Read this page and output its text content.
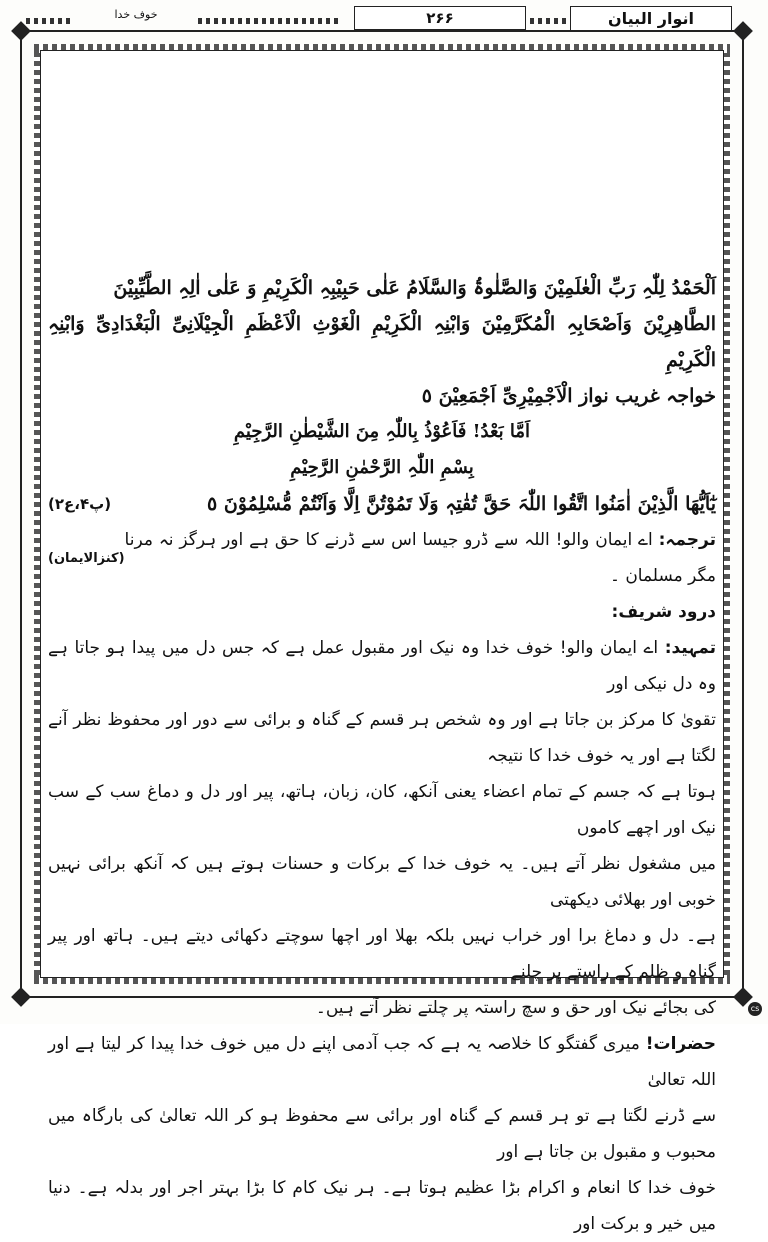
خوف خدا	۲۶۶	انوار البیان

اَلْحَمْدُ لِلّٰہِ رَبِّ الْعٰلَمِیْنَ وَالصَّلٰوۃُ وَالسَّلَامُ عَلٰی حَبِیْبِہِ الْکَرِیْمِ وَ عَلٰی اٰلِہِ الطَّیِّبِیْنَ

الطَّاھِرِیْنَ وَاَصْحَابِہِ الْمُکَرَّمِیْنَ وَابْنِہِ الْکَرِیْمِ الْغَوْثِ الْاَعْظَمِ الْجِیْلَانِیِّ الْبَغْدَادِیِّ وَابْنِہِ الْکَرِیْمِ

خواجہ غریب نواز الْاَجْمِیْرِیِّ اَجْمَعِیْنَ ٥

اَمَّا بَعْدُ! فَاَعُوْذُ بِاللّٰہِ مِنَ الشَّیْطٰنِ الرَّجِیْمِ

بِسْمِ اللّٰہِ الرَّحْمٰنِ الرَّحِیْمِ

یٰٓاَیُّھَا الَّذِیْنَ اٰمَنُوا اتَّقُوا اللّٰہَ حَقَّ تُقٰتِہٖ وَلَا تَمُوْتُنَّ اِلَّا وَاَنْتُمْ مُّسْلِمُوْنَ ٥
(پ۴،ع۲)

ترجمہ: اے ایمان والو! اللہ سے ڈرو جیسا اس سے ڈرنے کا حق ہے اور ہرگز نہ مرنا مگر مسلمان ۔

(کنزالایمان)

درود شریف:

تمہید: اے ایمان والو! خوف خدا وہ نیک اور مقبول عمل ہے کہ جس دل میں پیدا ہو جاتا ہے وہ دل نیکی اور

تقویٰ کا مرکز بن جاتا ہے اور وہ شخص ہر قسم کے گناہ و برائی سے دور اور محفوظ نظر آنے لگتا ہے اور یہ خوف خدا کا نتیجہ

ہوتا ہے کہ جسم کے تمام اعضاء یعنی آنکھ، کان، زبان، ہاتھ، پیر اور دل و دماغ سب کے سب نیک اور اچھے کاموں

میں مشغول نظر آتے ہیں۔ یہ خوف خدا کے برکات و حسنات ہوتے ہیں کہ آنکھ برائی نہیں خوبی اور بھلائی دیکھتی

ہے۔ دل و دماغ برا اور خراب نہیں بلکہ بھلا اور اچھا سوچتے دکھائی دیتے ہیں۔ ہاتھ اور پیر گناہ و ظلم کے راستے پر چلنے

کی بجائے نیک اور حق و سچ راستہ پر چلتے نظر آتے ہیں۔

حضرات! میری گفتگو کا خلاصہ یہ ہے کہ جب آدمی اپنے دل میں خوف خدا پیدا کر لیتا ہے اور اللہ تعالیٰ

سے ڈرنے لگتا ہے تو ہر قسم کے گناہ اور برائی سے محفوظ ہو کر اللہ تعالیٰ کی بارگاہ میں محبوب و مقبول بن جاتا ہے اور

خوف خدا کا انعام و اکرام بڑا عظیم ہوتا ہے۔ ہر نیک کام کا بڑا بہتر اجر اور بدلہ ہے۔ دنیا میں خیر و برکت اور

cs
